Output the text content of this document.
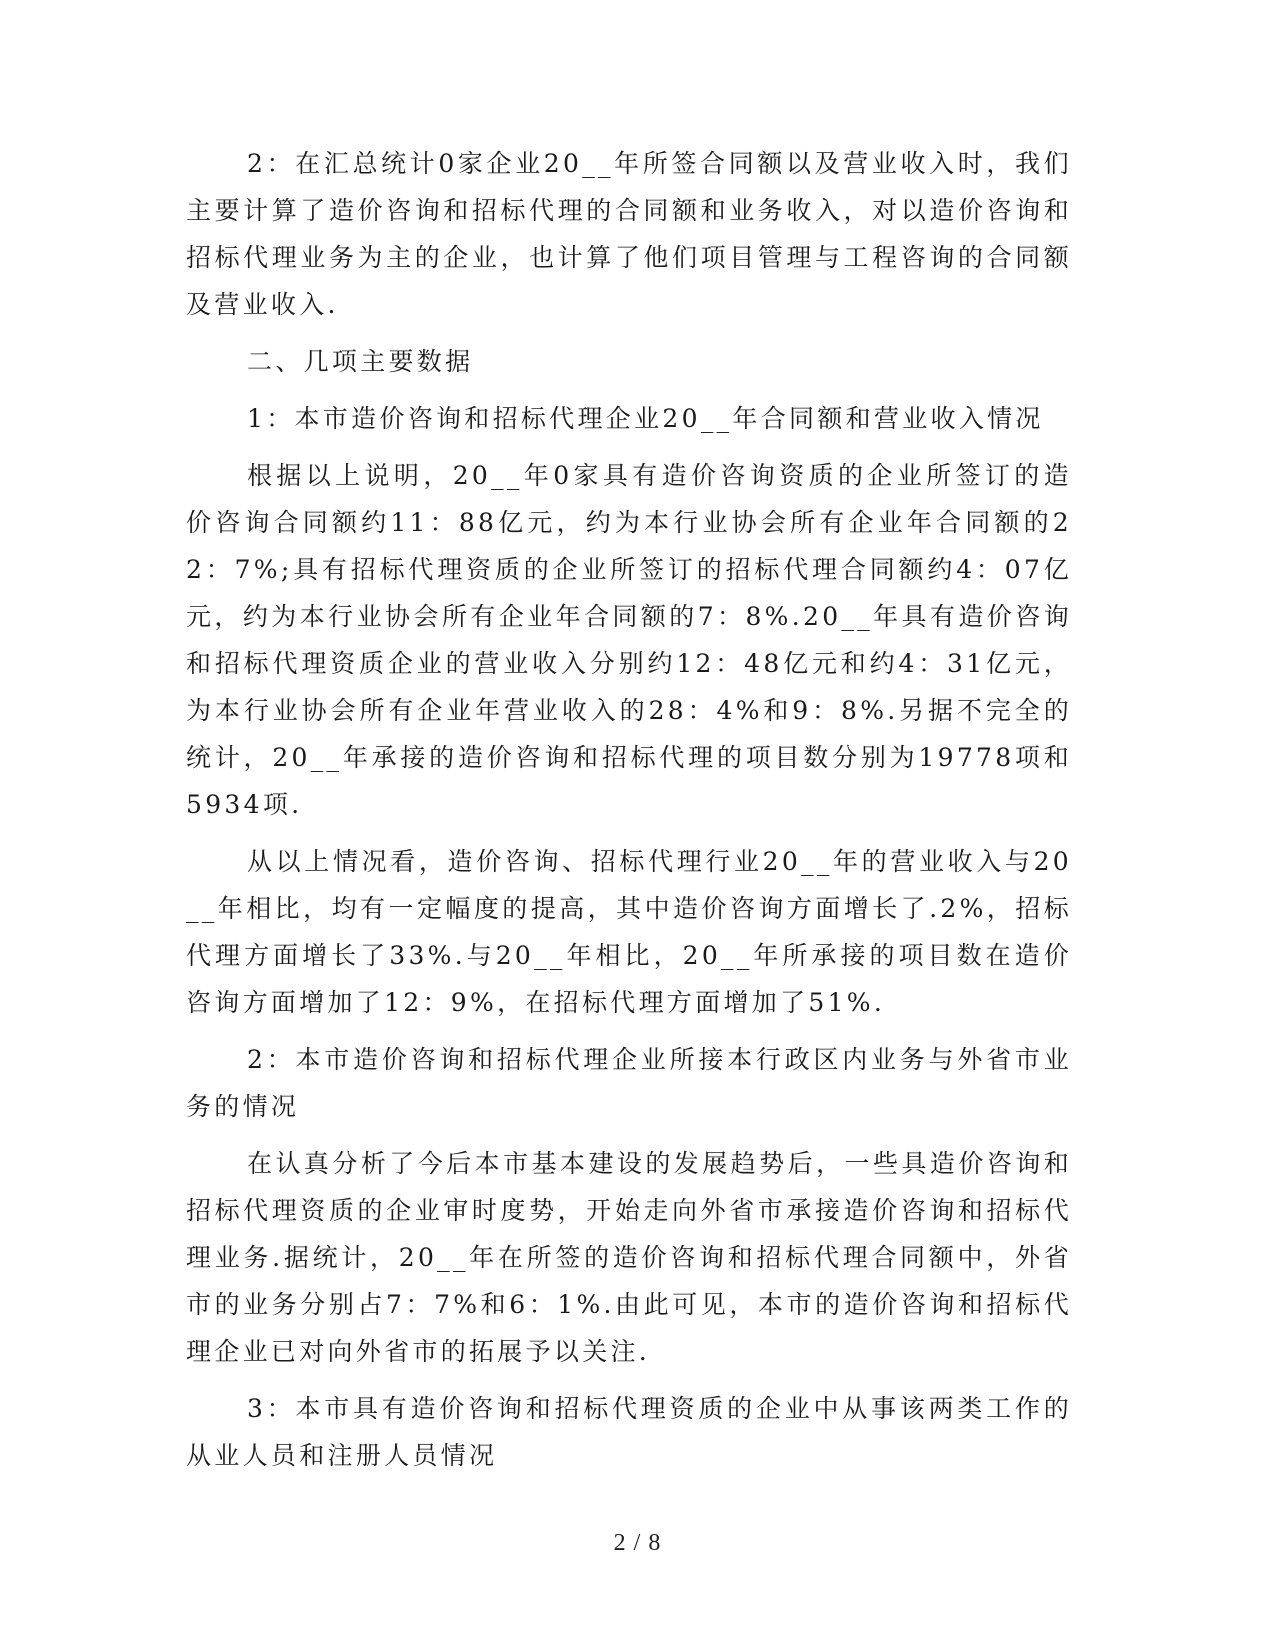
2：在汇总统计0家企业20__年所签合同额以及营业收入时，我们主要计算了造价咨询和招标代理的合同额和业务收入，对以造价咨询和招标代理业务为主的企业，也计算了他们项目管理与工程咨询的合同额及营业收入.

二、几项主要数据

1：本市造价咨询和招标代理企业20__年合同额和营业收入情况

根据以上说明，20__年0家具有造价咨询资质的企业所签订的造价咨询合同额约11：88亿元，约为本行业协会所有企业年合同额的22：7%;具有招标代理资质的企业所签订的招标代理合同额约4：07亿元，约为本行业协会所有企业年合同额的7：8%.20__年具有造价咨询和招标代理资质企业的营业收入分别约12：48亿元和约4：31亿元，为本行业协会所有企业年营业收入的28：4%和9：8%.另据不完全的统计，20__年承接的造价咨询和招标代理的项目数分别为19778项和5934项.

从以上情况看，造价咨询、招标代理行业20__年的营业收入与20__年相比，均有一定幅度的提高，其中造价咨询方面增长了.2%，招标代理方面增长了33%.与20__年相比，20__年所承接的项目数在造价咨询方面增加了12：9%，在招标代理方面增加了51%.

2：本市造价咨询和招标代理企业所接本行政区内业务与外省市业务的情况

在认真分析了今后本市基本建设的发展趋势后，一些具造价咨询和招标代理资质的企业审时度势，开始走向外省市承接造价咨询和招标代理业务.据统计，20__年在所签的造价咨询和招标代理合同额中，外省市的业务分别占7：7%和6：1%.由此可见，本市的造价咨询和招标代理企业已对向外省市的拓展予以关注.

3：本市具有造价咨询和招标代理资质的企业中从事该两类工作的从业人员和注册人员情况

2 / 8
